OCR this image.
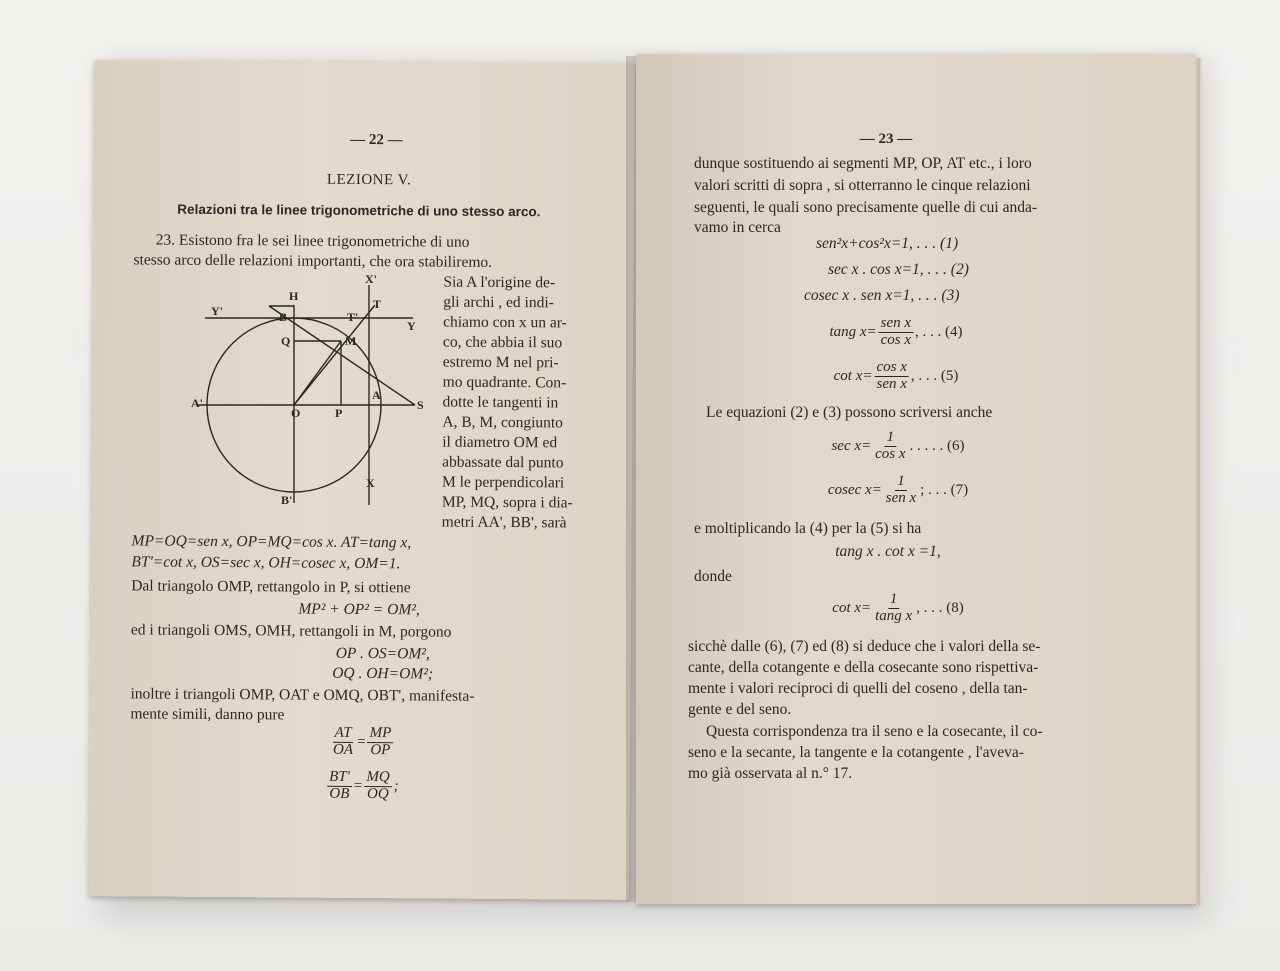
— 22 —
LEZIONE V.
Relazioni tra le linee trigonometriche di uno stesso arco.
23. Esistono fra le sei linee trigonometriche di uno
stesso arco delle relazioni importanti, che ora stabiliremo.
Sia A l'origine de-
gli archi , ed indi-
chiamo con x un ar-
co, che abbia il suo
estremo M nel pri-
mo quadrante. Con-
dotte le tangenti in
A, B, M, congiunto
il diametro OM ed
abbassate dal punto
M le perpendicolari
MP, MQ, sopra i dia-
metri AA', BB', sarà
MP=OQ=sen x, OP=MQ=cos x. AT=tang x,
BT'=cot x, OS=sec x, OH=cosec x, OM=1.
Dal triangolo OMP, rettangolo in P, si ottiene
MP² + OP² = OM²,
ed i triangoli OMS, OMH, rettangoli in M, porgono
OP . OS=OM²,
OQ . OH=OM²;
inoltre i triangoli OMP, OAT e OMQ, OBT', manifesta-
mente simili, danno pure
$\frac{AT}{OA} = \frac{MP}{OP}$
$\frac{BT'}{OB} = \frac{MQ}{OQ}$ ;
H
T
X'
Y'	B	T'
Y
Q	M
A'
O	P
A
S
B'
X
— 23 —
dunque sostituendo ai segmenti MP, OP, AT etc., i loro
valori scritti di sopra , si otterranno le cinque relazioni
seguenti, le quali sono precisamente quelle di cui anda-
vamo in cerca
sen²x+cos²x=1, . . . (1)
sec x . cos x=1, . . . (2)
cosec x . sen x=1, . . . (3)
tang x=
sen x
cos x , . . . (4)
cot x=
cos x
sen x , . . . (5)
Le equazioni (2) e (3) possono scriversi anche
$\sec x= \frac{1}{\text{cos x}}$ . . . . . (6)
cosec x=
1
sen x ; . . . (7)
e moltiplicando la (4) per la (5) si ha
tang x . cot x =1,
donde
$\cot x= \frac{1}{\text{tang x}}$ , . . . (8)
sicchè dalle (6), (7) ed (8) si deduce che i valori della se-
cante, della cotangente e della cosecante sono rispettiva-
mente i valori reciproci di quelli del coseno , della tan-
gente e del seno.
Questa corrispondenza tra il seno e la cosecante, il co-
seno e la secante, la tangente e la cotangente , l'aveva-
mo già osservata al n.° 17.
